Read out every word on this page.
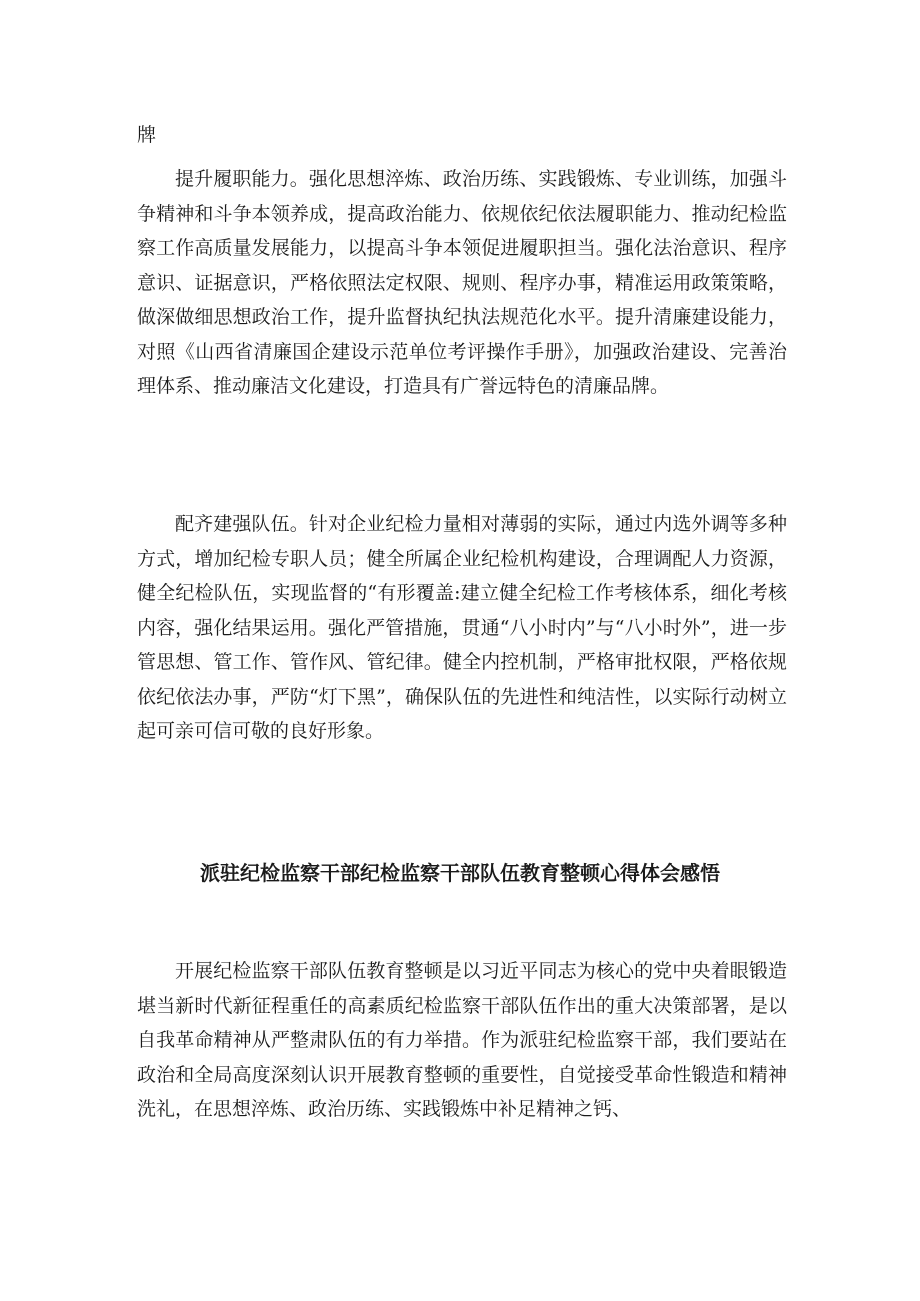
牌

提升履职能力。强化思想淬炼、政治历练、实践锻炼、专业训练，加强斗争精神和斗争本领养成，提高政治能力、依规依纪依法履职能力、推动纪检监察工作高质量发展能力，以提高斗争本领促进履职担当。强化法治意识、程序意识、证据意识，严格依照法定权限、规则、程序办事，精准运用政策策略，做深做细思想政治工作，提升监督执纪执法规范化水平。提升清廉建设能力，对照《山西省清廉国企建设示范单位考评操作手册》，加强政治建设、完善治理体系、推动廉洁文化建设，打造具有广誉远特色的清廉品牌。

配齐建强队伍。针对企业纪检力量相对薄弱的实际，通过内选外调等多种方式，增加纪检专职人员；健全所属企业纪检机构建设，合理调配人力资源，健全纪检队伍，实现监督的“有形覆盖:建立健全纪检工作考核体系，细化考核内容，强化结果运用。强化严管措施，贯通“八小时内”与“八小时外”，进一步管思想、管工作、管作风、管纪律。健全内控机制，严格审批权限，严格依规依纪依法办事，严防“灯下黑”，确保队伍的先进性和纯洁性，以实际行动树立起可亲可信可敬的良好形象。

派驻纪检监察干部纪检监察干部队伍教育整顿心得体会感悟

开展纪检监察干部队伍教育整顿是以习近平同志为核心的党中央着眼锻造堪当新时代新征程重任的高素质纪检监察干部队伍作出的重大决策部署，是以自我革命精神从严整肃队伍的有力举措。作为派驻纪检监察干部，我们要站在政治和全局高度深刻认识开展教育整顿的重要性，自觉接受革命性锻造和精神洗礼，在思想淬炼、政治历练、实践锻炼中补足精神之钙、
